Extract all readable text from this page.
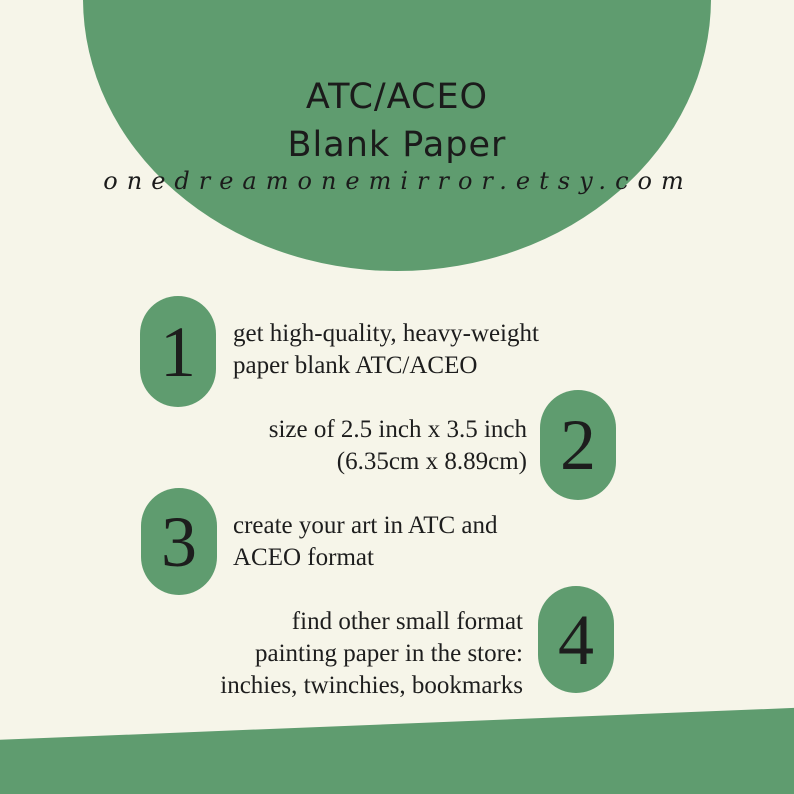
ATC/ACEO
Blank Paper
onedreamonemirror.etsy.com
1 get high-quality, heavy-weight
paper blank ATC/ACEO
2
size of 2.5 inch x 3.5 inch
(6.35cm x 8.89cm)
3 create your art in ATC and
ACEO format
4
find other small format
painting paper in the store:
inchies, twinchies, bookmarks
